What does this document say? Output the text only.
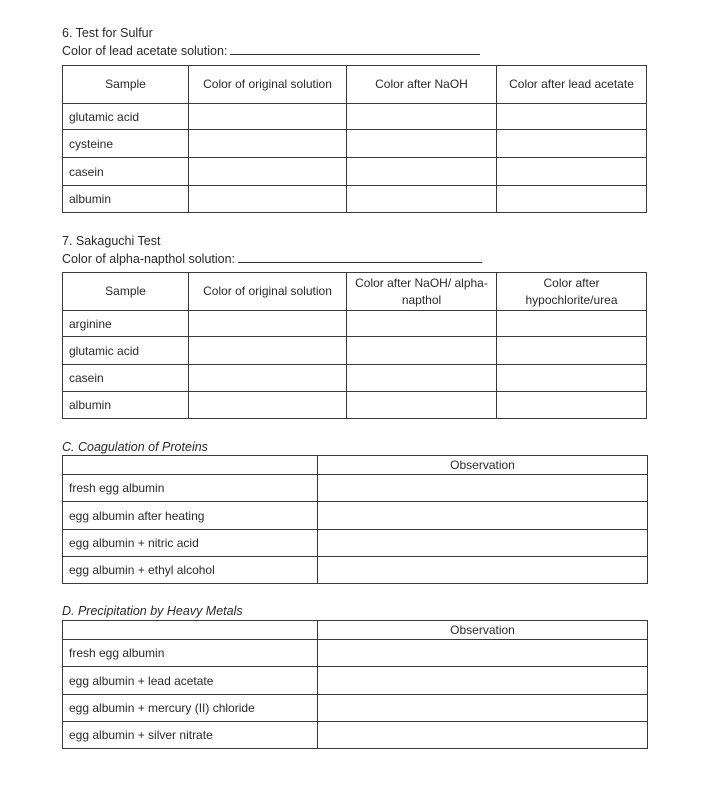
6. Test for Sulfur
Color of lead acetate solution:
Sample	Color of original solution	Color after NaOH	Color after lead acetate
glutamic acid			
cysteine			
casein			
albumin			
7. Sakaguchi Test
Color of alpha-napthol solution:
Sample	Color of original solution	Color after NaOH/ alpha-napthol	Color after hypochlorite/urea
arginine			
glutamic acid			
casein			
albumin			
C. Coagulation of Proteins
	Observation
fresh egg albumin	
egg albumin after heating	
egg albumin + nitric acid	
egg albumin + ethyl alcohol	
D. Precipitation by Heavy Metals
	Observation
fresh egg albumin	
egg albumin + lead acetate	
egg albumin + mercury (II) chloride	
egg albumin + silver nitrate	
